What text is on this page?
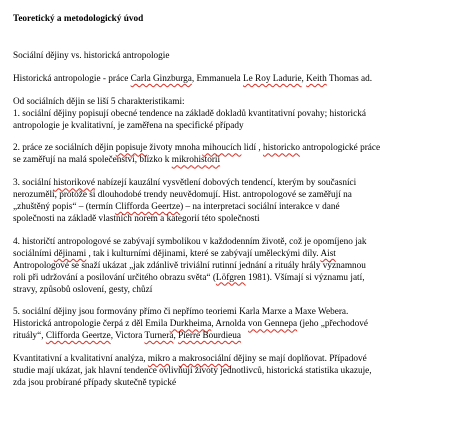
Teoretický a metodologický úvod
Sociální dějiny vs. historická antropologie
Historická antropologie - práce Carla Ginzburga, Emmanuela Le Roy Ladurie, Keith Thomas ad.
Od sociálních dějin se liší 5 charakteristikami:
1. sociální dějiny popisují obecné tendence na základě dokladů kvantitativní povahy; historická
antropologie je kvalitativní, je zaměřena na specifické případy
2. práce ze sociálních dějin popisuje životy mnoha mihoucích lidí , historicko antropologické práce
se zaměřují na malá společenství, blízko k mikrohistorii
3. sociální historikové nabízejí kauzální vysvětlení dobových tendencí, kterým by současníci
nerozuměli, protože si dlouhodobé trendy neuvědomují. Hist. antropologové se zaměřují na
„zhuštěný popis“ – (termín Clifforda Geertze) – na interpretaci sociální interakce v dané
společnosti na základě vlastních norem a kategorií této společnosti
4. historičtí antropologové se zabývají symbolikou v každodenním životě, což je opomíjeno jak
sociálními dějinami , tak i kulturními dějinami, které se zabývají uměleckými díly. Aist
Antropologové se snaží ukázat „jak zdánlivě triviální rutinní jednání a rituály hrály významnou
roli při udržování a posilování určitého obrazu světa“ (Löfgren 1981). Všímají si významu jatí,
stravy, způsobů oslovení, gesty, chůzí
5. sociální dějiny jsou formovány přímo či nepřímo teoriemi Karla Marxe a Maxe Webera.
Historická antropologie čerpá z děl Emila Durkheima, Arnolda von Gennepa (jeho „přechodové
rituály“, Clifforda Geertze, Victora Turnera, Pierre Bourdieua
Kvantitativní a kvalitativní analýza, mikro a makrosociální dějiny se mají doplňovat. Případové
studie mají ukázat, jak hlavní tendence ovlivňují životy jednotlivců, historická statistika ukazuje,
zda jsou probírané případy skutečně typické
